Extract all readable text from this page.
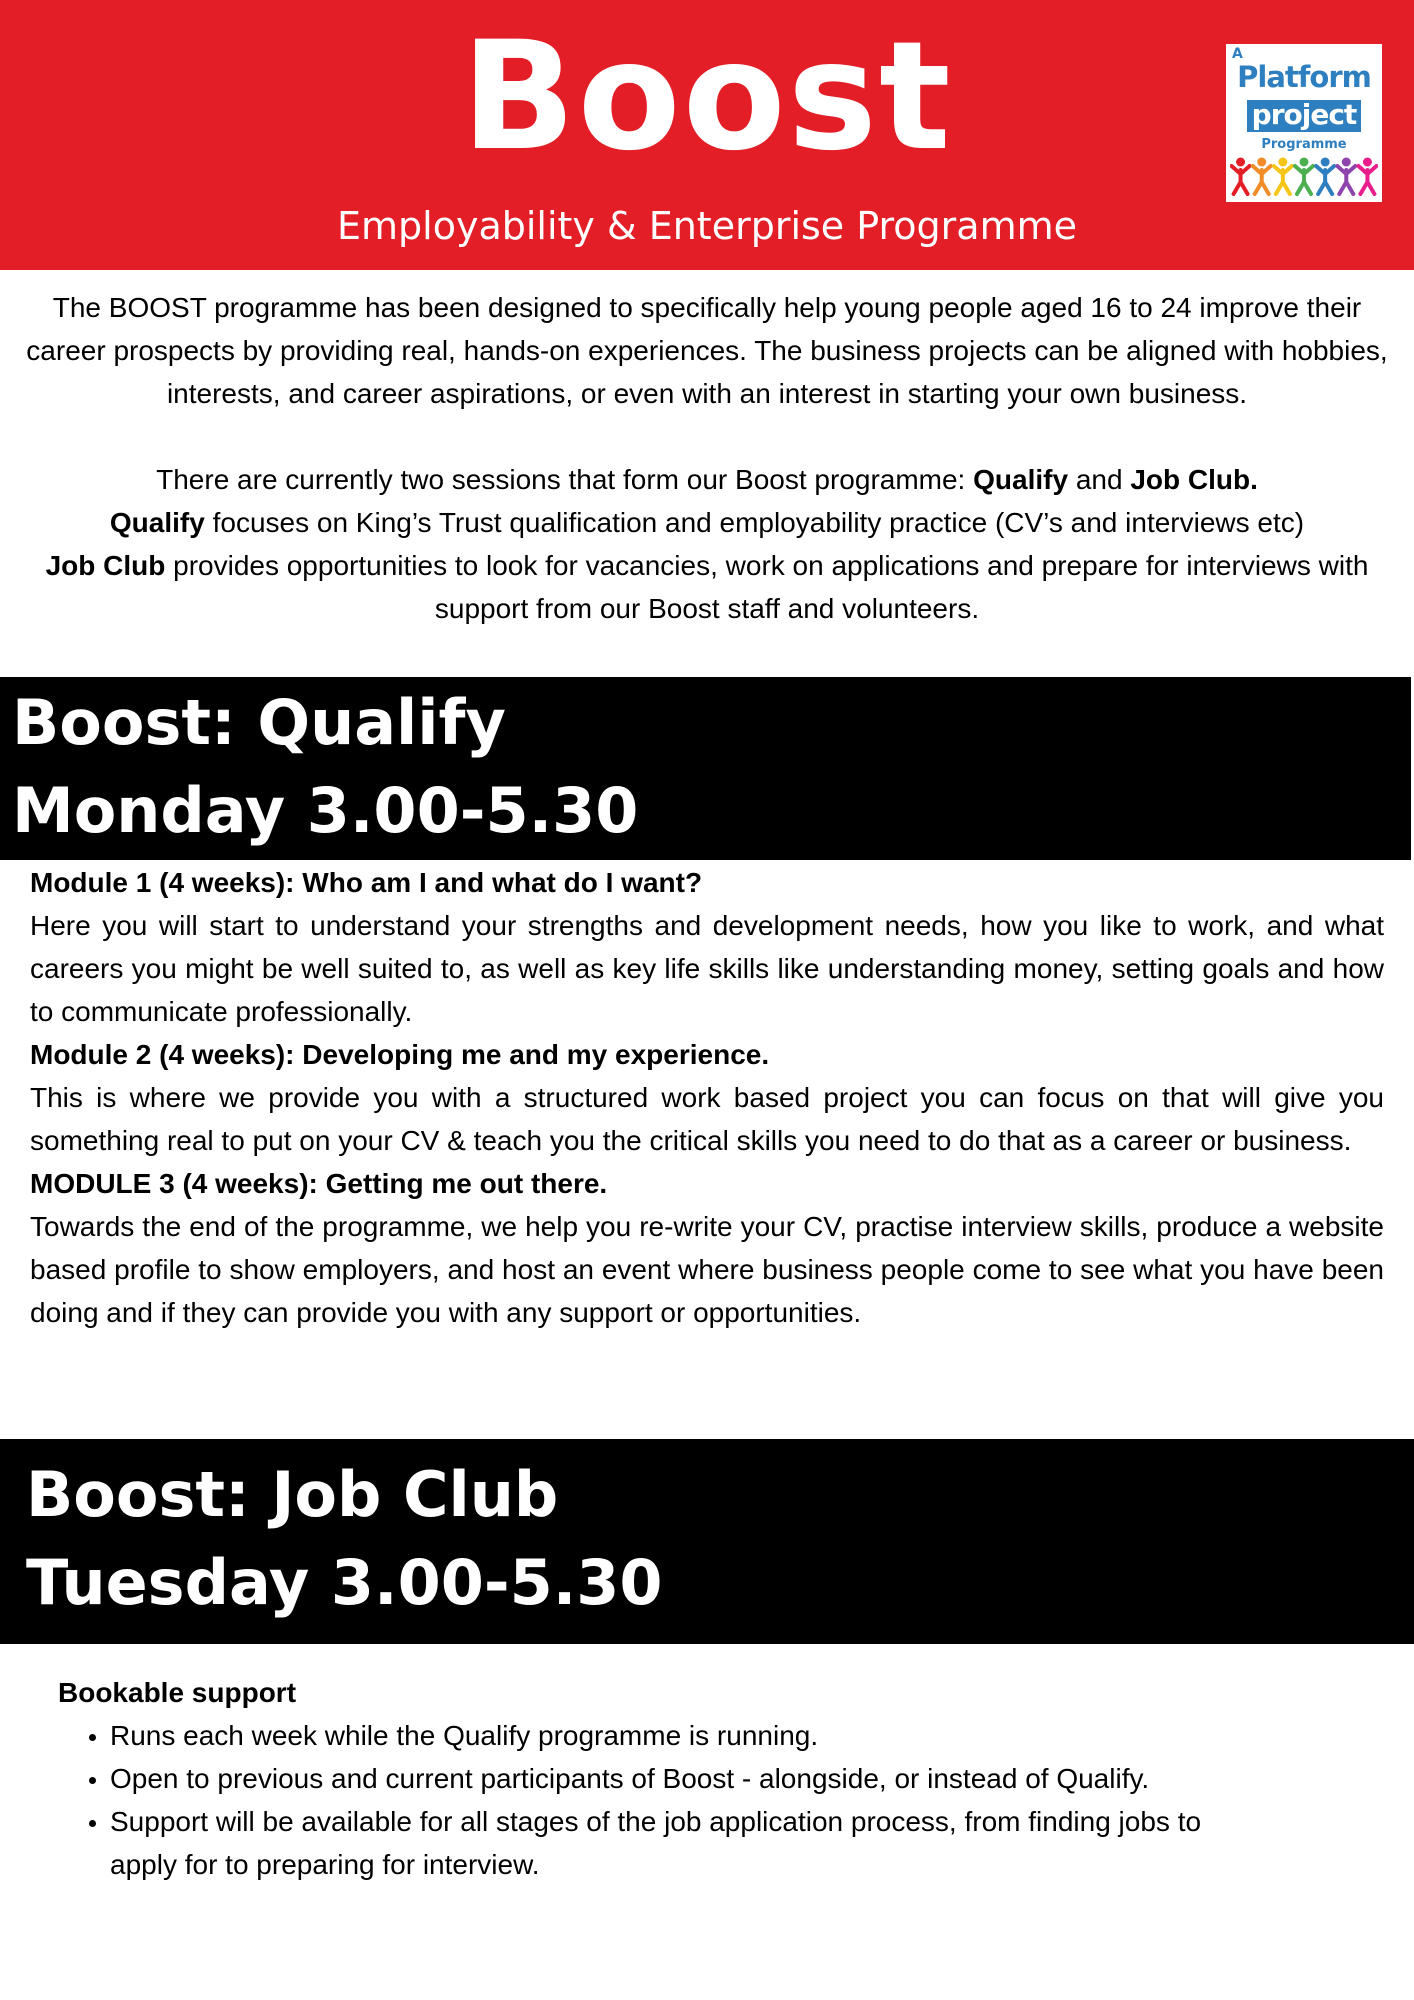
Boost
Employability & Enterprise Programme
A
Platform
project
Programme

The BOOST programme has been designed to specifically help young people aged 16 to 24 improve their career prospects by providing real, hands-on experiences. The business projects can be aligned with hobbies, interests, and career aspirations, or even with an interest in starting your own business.

There are currently two sessions that form our Boost programme: Qualify and Job Club.

Qualify focuses on King’s Trust qualification and employability practice (CV’s and interviews etc)

Job Club provides opportunities to look for vacancies, work on applications and prepare for interviews with support from our Boost staff and volunteers.

Boost: Qualify
Monday 3.00-5.30

Module 1 (4 weeks): Who am I and what do I want?

Here you will start to understand your strengths and development needs, how you like to work, and what careers you might be well suited to, as well as key life skills like understanding money, setting goals and how to communicate professionally.

Module 2 (4 weeks): Developing me and my experience.

This is where we provide you with a structured work based project you can focus on that will give you something real to put on your CV & teach you the critical skills you need to do that as a career or business.

MODULE 3 (4 weeks): Getting me out there.

Towards the end of the programme, we help you re-write your CV, practise interview skills, produce a website based profile to show employers, and host an event where business people come to see what you have been doing and if they can provide you with any support or opportunities.

Boost: Job Club
Tuesday 3.00-5.30
Bookable support
• Runs each week while the Qualify programme is running.
• Open to previous and current participants of Boost - alongside, or instead of Qualify.
• Support will be available for all stages of the job application process, from finding jobs to apply for to preparing for interview.
